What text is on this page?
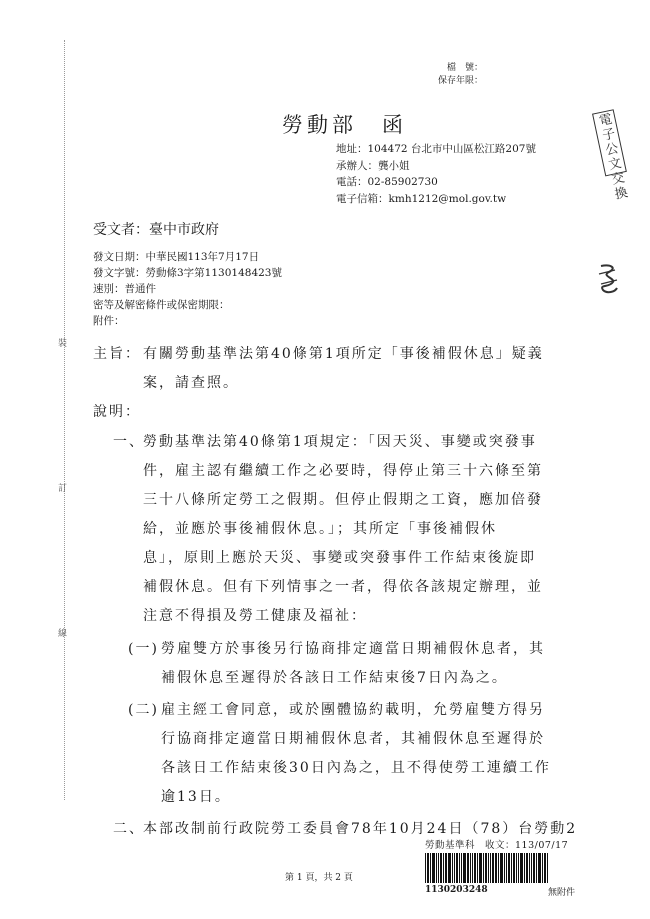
裝
訂
線
檔　號：
保存年限：
勞動部　函
地址：104472 台北市中山區松江路207號
承辦人：龔小姐
電話：02-85902730
電子信箱：kmh1212@mol.gov.tw
電子公文交換
受文者：臺中市政府
發文日期：中華民國113年7月17日
發文字號：勞動條3字第1130148423號
速別：普通件
密等及解密條件或保密期限：
附件：
主旨： 有關勞動基準法第40條第1項所定「事後補假休息」疑義
案，請查照。
說明：
一、
勞動基準法第40條第1項規定：「因天災、事變或突發事
件，雇主認有繼續工作之必要時，得停止第三十六條至第
三十八條所定勞工之假期。但停止假期之工資，應加倍發
給，並應於事後補假休息。」；其所定「事後補假休
息」，原則上應於天災、事變或突發事件工作結束後旋即
補假休息。但有下列情事之一者，得依各該規定辦理，並
注意不得損及勞工健康及福祉：
(一) 勞雇雙方於事後另行協商排定適當日期補假休息者，其
補假休息至遲得於各該日工作結束後7日內為之。
(二) 雇主經工會同意，或於團體協約載明，允勞雇雙方得另
行協商排定適當日期補假休息者，其補假休息至遲得於
各該日工作結束後30日內為之，且不得使勞工連續工作
逾13日。
二、
本部改制前行政院勞工委員會78年10月24日（78）台勞動2
勞動基準科　收文：113/07/17
1130203248	無附件
第 1 頁，共 2 頁
